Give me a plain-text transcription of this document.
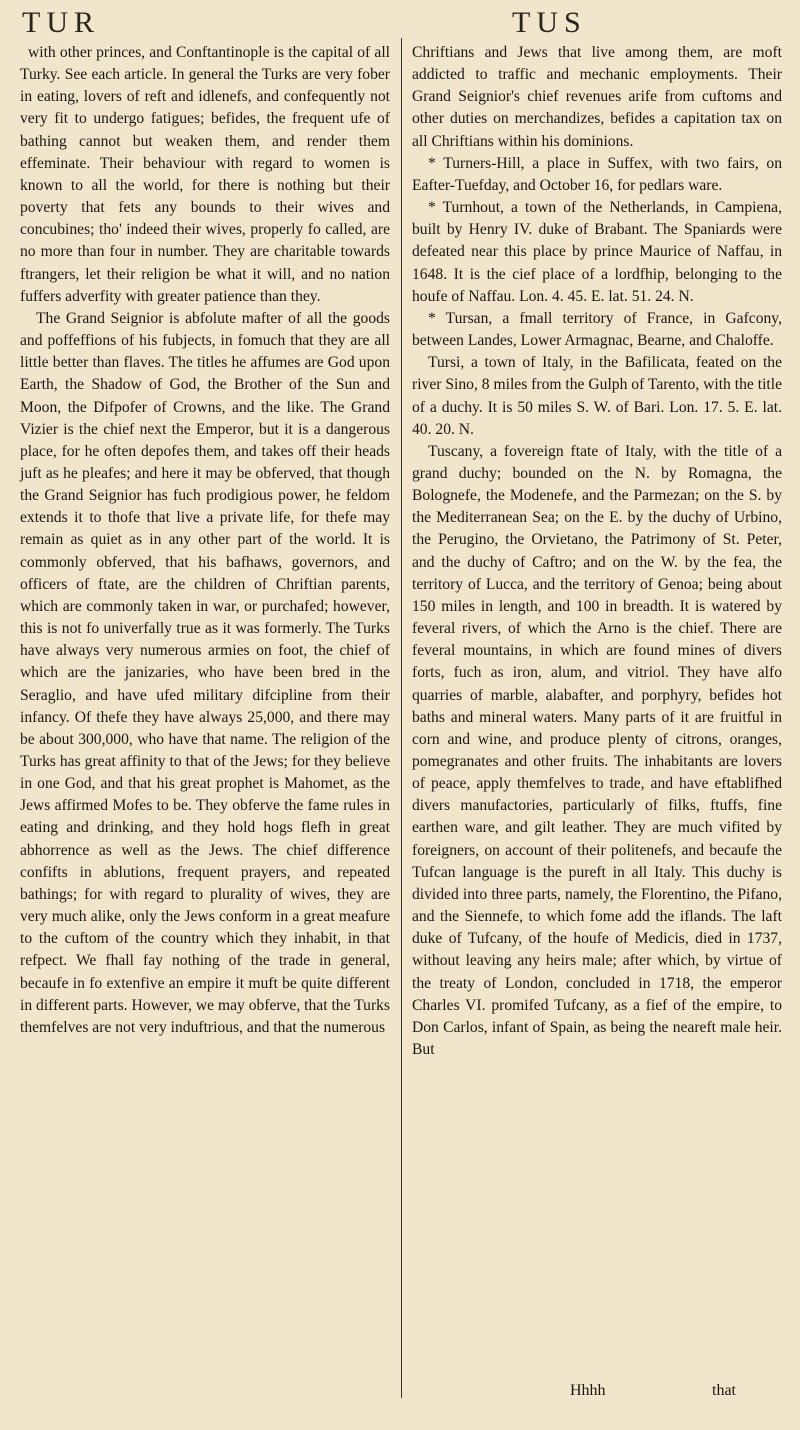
TUR	TUS

with other princes, and Conftantinople is the capital of all Turky. See each article. In general the Turks are very fober in eating, lovers of reft and idlenefs, and confequently not very fit to undergo fatigues; befides, the frequent ufe of bathing cannot but weaken them, and render them effeminate. Their behaviour with regard to women is known to all the world, for there is nothing but their poverty that fets any bounds to their wives and concubines; tho' indeed their wives, properly fo called, are no more than four in number. They are charitable towards ftrangers, let their religion be what it will, and no nation fuffers adverfity with greater patience than they.

The Grand Seignior is abfolute mafter of all the goods and poffeffions of his fubjects, in fomuch that they are all little better than flaves. The titles he affumes are God upon Earth, the Shadow of God, the Brother of the Sun and Moon, the Difpofer of Crowns, and the like. The Grand Vizier is the chief next the Emperor, but it is a dangerous place, for he often depofes them, and takes off their heads juft as he pleafes; and here it may be obferved, that though the Grand Seignior has fuch prodigious power, he feldom extends it to thofe that live a private life, for thefe may remain as quiet as in any other part of the world. It is commonly obferved, that his bafhaws, governors, and officers of ftate, are the children of Chriftian parents, which are commonly taken in war, or purchafed; however, this is not fo univerfally true as it was formerly. The Turks have always very numerous armies on foot, the chief of which are the janizaries, who have been bred in the Seraglio, and have ufed military difcipline from their infancy. Of thefe they have always 25,000, and there may be about 300,000, who have that name. The religion of the Turks has great affinity to that of the Jews; for they believe in one God, and that his great prophet is Mahomet, as the Jews affirmed Mofes to be. They obferve the fame rules in eating and drinking, and they hold hogs flefh in great abhorrence as well as the Jews. The chief difference confifts in ablutions, frequent prayers, and repeated bathings; for with regard to plurality of wives, they are very much alike, only the Jews conform in a great meafure to the cuftom of the country which they inhabit, in that refpect. We fhall fay nothing of the trade in general, becaufe in fo extenfive an empire it muft be quite different in different parts. However, we may obferve, that the Turks themfelves are not very induftrious, and that the numerous

Chriftians and Jews that live among them, are moft addicted to traffic and mechanic employments. Their Grand Seignior's chief revenues arife from cuftoms and other duties on merchandizes, befides a capitation tax on all Chriftians within his dominions.

* Turners-Hill, a place in Suffex, with two fairs, on Eafter-Tuefday, and October 16, for pedlars ware.

* Turnhout, a town of the Netherlands, in Campiena, built by Henry IV. duke of Brabant. The Spaniards were defeated near this place by prince Maurice of Naffau, in 1648. It is the cief place of a lordfhip, belonging to the houfe of Naffau. Lon. 4. 45. E. lat. 51. 24. N.

* Tursan, a fmall territory of France, in Gafcony, between Landes, Lower Armagnac, Bearne, and Chaloffe.

Tursi, a town of Italy, in the Bafilicata, feated on the river Sino, 8 miles from the Gulph of Tarento, with the title of a duchy. It is 50 miles S. W. of Bari. Lon. 17. 5. E. lat. 40. 20. N.

Tuscany, a fovereign ftate of Italy, with the title of a grand duchy; bounded on the N. by Romagna, the Bolognefe, the Modenefe, and the Parmezan; on the S. by the Mediterranean Sea; on the E. by the duchy of Urbino, the Perugino, the Orvietano, the Patrimony of St. Peter, and the duchy of Caftro; and on the W. by the fea, the territory of Lucca, and the territory of Genoa; being about 150 miles in length, and 100 in breadth. It is watered by feveral rivers, of which the Arno is the chief. There are feveral mountains, in which are found mines of divers forts, fuch as iron, alum, and vitriol. They have alfo quarries of marble, alabafter, and porphyry, befides hot baths and mineral waters. Many parts of it are fruitful in corn and wine, and produce plenty of citrons, oranges, pomegranates and other fruits. The inhabitants are lovers of peace, apply themfelves to trade, and have eftablifhed divers manufactories, particularly of filks, ftuffs, fine earthen ware, and gilt leather. They are much vifited by foreigners, on account of their politenefs, and becaufe the Tufcan language is the pureft in all Italy. This duchy is divided into three parts, namely, the Florentino, the Pifano, and the Siennefe, to which fome add the iflands. The laft duke of Tufcany, of the houfe of Medicis, died in 1737, without leaving any heirs male; after which, by virtue of the treaty of London, concluded in 1718, the emperor Charles VI. promifed Tufcany, as a fief of the empire, to Don Carlos, infant of Spain, as being the neareft male heir. But

Hhhh	that
